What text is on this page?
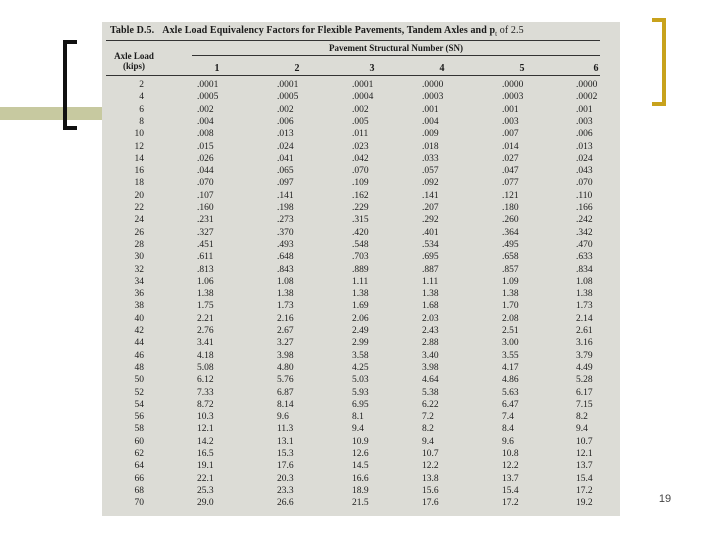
Table D.5. Axle Load Equivalency Factors for Flexible Pavements, Tandem Axles and $p_t$ of 2.5
Pavement Structural Number (SN)
Axle Load
(kips)	1	2	3	4	5	6
2	.0001	.0001	.0001	.0000	.0000	.0000
4	.0005	.0005	.0004	.0003	.0003	.0002
6	.002	.002	.002	.001	.001	.001
8	.004	.006	.005	.004	.003	.003
10	.008	.013	.011	.009	.007	.006
12	.015	.024	.023	.018	.014	.013
14	.026	.041	.042	.033	.027	.024
16	.044	.065	.070	.057	.047	.043
18	.070	.097	.109	.092	.077	.070
20	.107	.141	.162	.141	.121	.110
22	.160	.198	.229	.207	.180	.166
24	.231	.273	.315	.292	.260	.242
26	.327	.370	.420	.401	.364	.342
28	.451	.493	.548	.534	.495	.470
30	.611	.648	.703	.695	.658	.633
32	.813	.843	.889	.887	.857	.834
34	1.06	1.08	1.11	1.11	1.09	1.08
36	1.38	1.38	1.38	1.38	1.38	1.38
38	1.75	1.73	1.69	1.68	1.70	1.73
40	2.21	2.16	2.06	2.03	2.08	2.14
42	2.76	2.67	2.49	2.43	2.51	2.61
44	3.41	3.27	2.99	2.88	3.00	3.16
46	4.18	3.98	3.58	3.40	3.55	3.79
48	5.08	4.80	4.25	3.98	4.17	4.49
50	6.12	5.76	5.03	4.64	4.86	5.28
52	7.33	6.87	5.93	5.38	5.63	6.17
54	8.72	8.14	6.95	6.22	6.47	7.15
56	10.3	9.6	8.1	7.2	7.4	8.2
58	12.1	11.3	9.4	8.2	8.4	9.4
60	14.2	13.1	10.9	9.4	9.6	10.7
62	16.5	15.3	12.6	10.7	10.8	12.1
64	19.1	17.6	14.5	12.2	12.2	13.7
66	22.1	20.3	16.6	13.8	13.7	15.4
68	25.3	23.3	18.9	15.6	15.4	17.2
70	29.0	26.6	21.5	17.6	17.2	19.2	19
